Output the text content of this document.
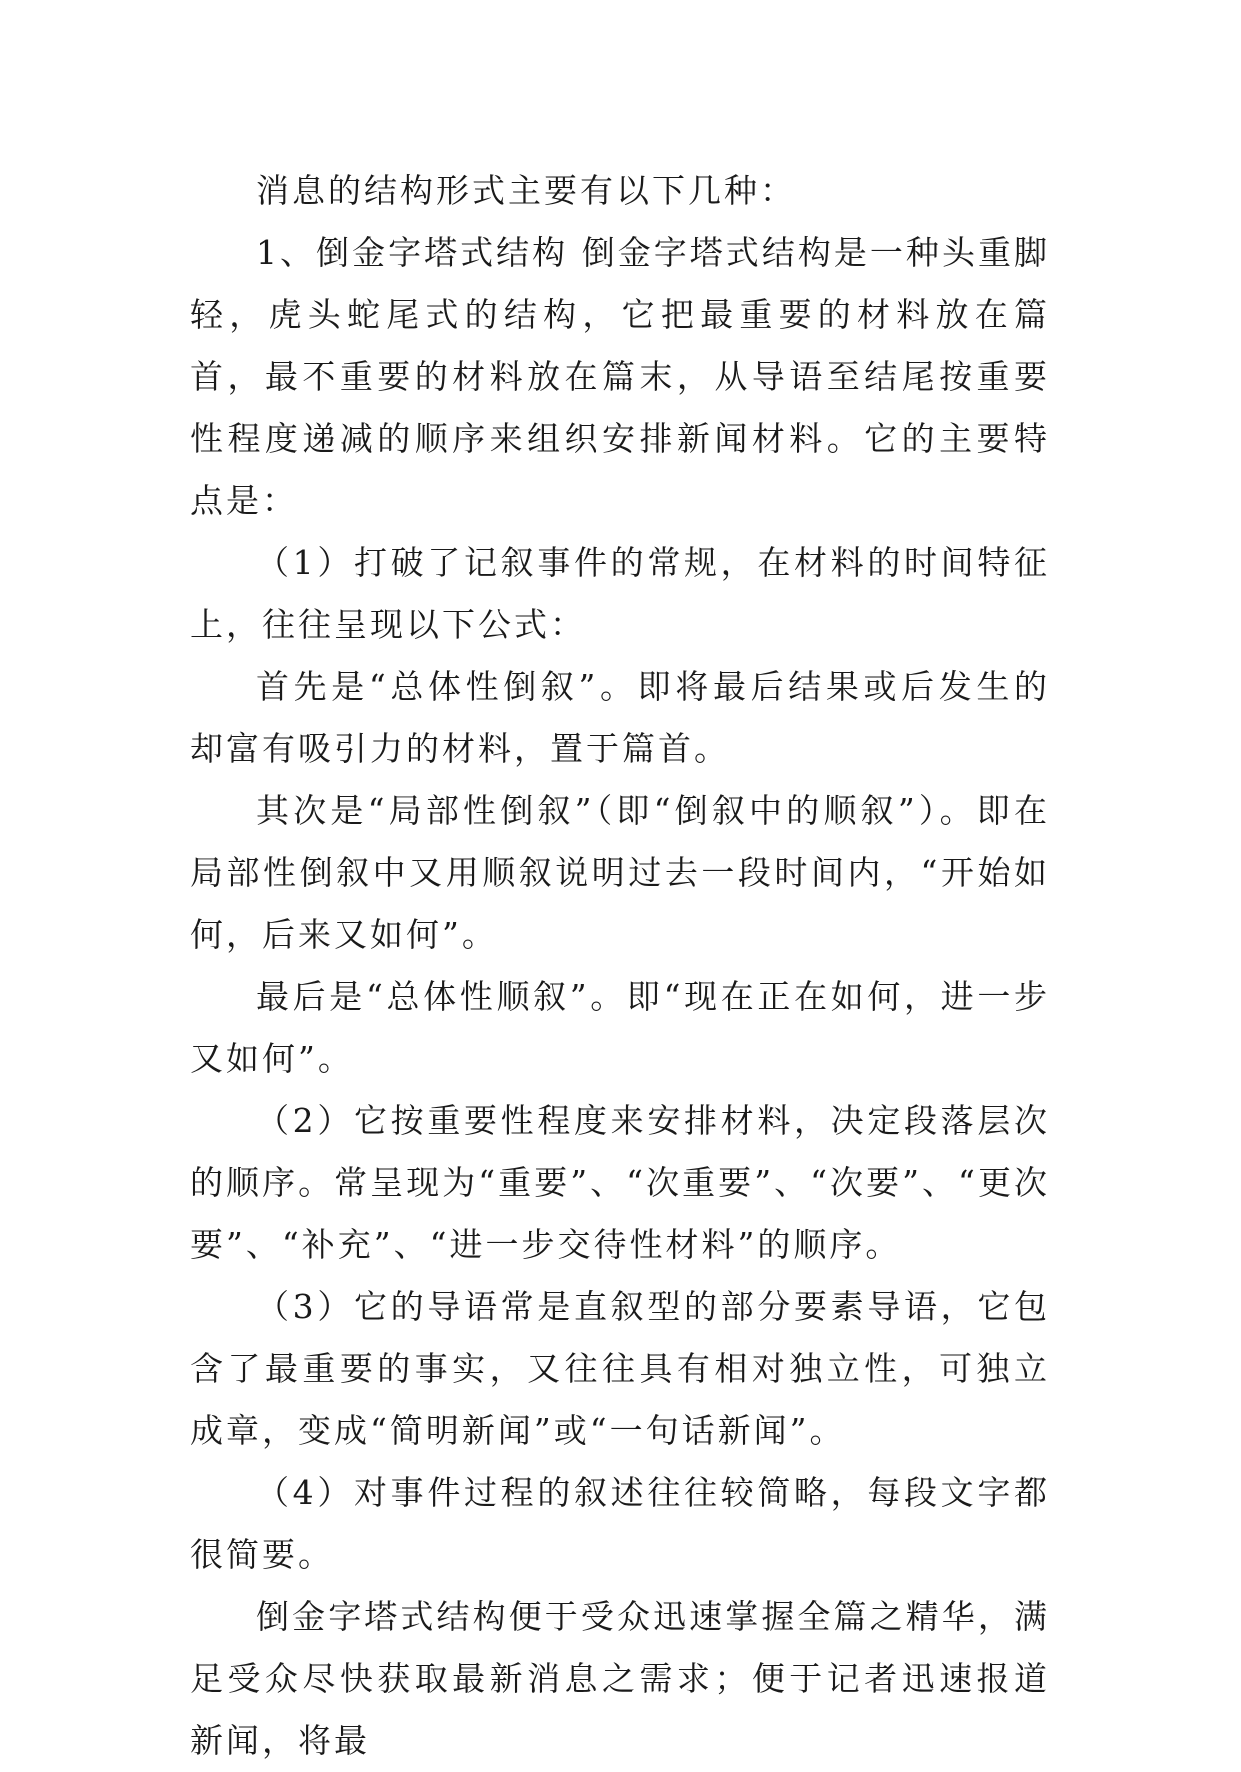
消息的结构形式主要有以下几种：

1、倒金字塔式结构 倒金字塔式结构是一种头重脚轻，虎头蛇尾式的结构，它把最重要的材料放在篇首，最不重要的材料放在篇末，从导语至结尾按重要性程度递减的顺序来组织安排新闻材料。它的主要特点是：

（1）打破了记叙事件的常规，在材料的时间特征上，往往呈现以下公式：

首先是“总体性倒叙”。即将最后结果或后发生的却富有吸引力的材料，置于篇首。

其次是“局部性倒叙”（即“倒叙中的顺叙”）。即在局部性倒叙中又用顺叙说明过去一段时间内，“开始如何，后来又如何”。

最后是“总体性顺叙”。即“现在正在如何，进一步又如何”。

（2）它按重要性程度来安排材料，决定段落层次的顺序。常呈现为“重要”、“次重要”、“次要”、“更次要”、“补充”、“进一步交待性材料”的顺序。

（3）它的导语常是直叙型的部分要素导语，它包含了最重要的事实，又往往具有相对独立性，可独立成章，变成“简明新闻”或“一句话新闻”。

（4）对事件过程的叙述往往较简略，每段文字都很简要。

倒金字塔式结构便于受众迅速掌握全篇之精华，满足受众尽快获取最新消息之需求；便于记者迅速报道新闻，将最
